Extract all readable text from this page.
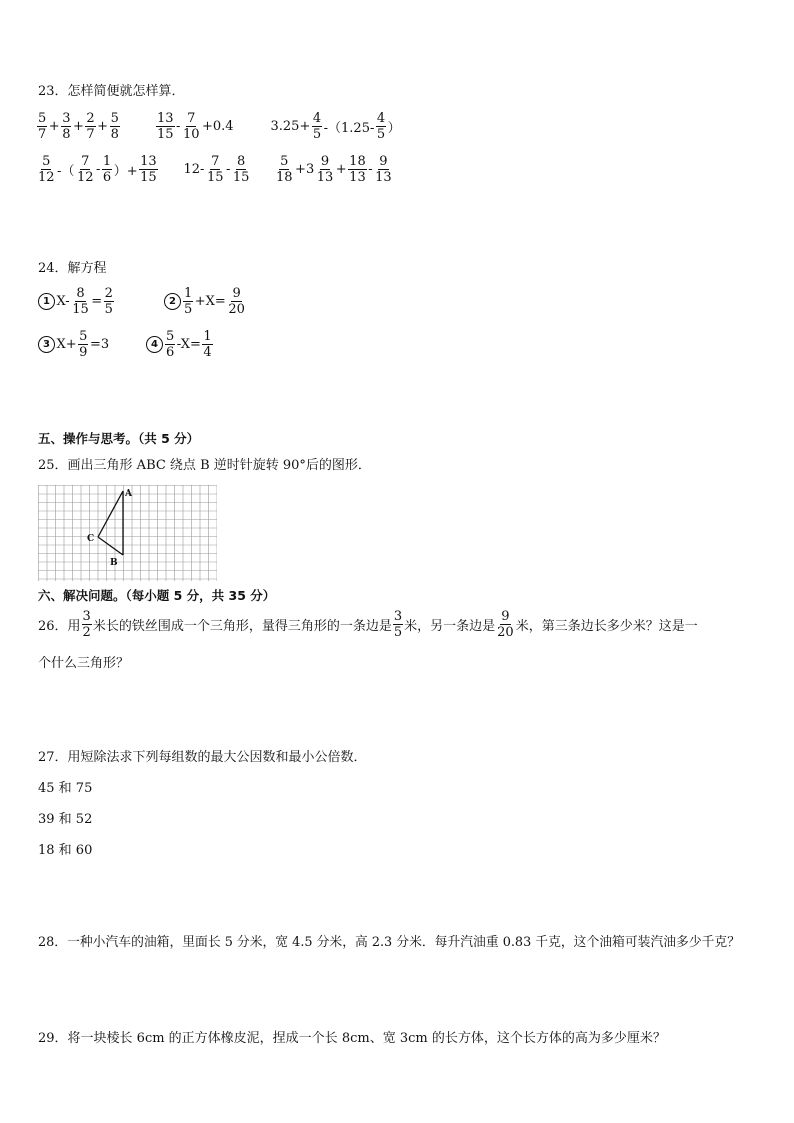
23．怎样简便就怎样算．
5
7
+ $\frac{3}{8} + \frac{2}{7} + \frac{5}{8}$	13
15
-
7
10
+0.4	$3.25+ \frac{4}{5} -(1.25-$
4
5 ）
5
12 -（
7
12
-
1
6 ）+ $\frac{13}{15} 12-$
7
15
-
8
15
5
18
+3
9
13
+ $\frac{18}{13}$ -
9
13
24．解方程
1 $X- \frac{8}{15} = \frac{2}{5}$	2
1
5
$+X= \frac{9}{20}$
3 $X+ \frac{5}{9} =3$	4
5
6
$-X= \frac{1}{4}$
五、操作与思考。（共 5 分）
25．画出三角形 ABC 绕点 B 逆时针旋转 90°后的图形．
A
C
B
六、解决问题。（每小题 5 分，共 35 分）
26．用
3
2 米长的铁丝围成一个三角形，量得三角形的一条边是
3
5 米，另一条边是
9
20 米，第三条边长多少米？这是一
个什么三角形？
27．用短除法求下列每组数的最大公因数和最小公倍数．
45 和 75
39 和 52
18 和 60
28．一种小汽车的油箱，里面长 5 分米，宽 4.5 分米，高 2.3 分米．每升汽油重 0.83 千克，这个油箱可装汽油多少千克？
29．将一块棱长 6cm 的正方体橡皮泥，捏成一个长 8cm、宽 3cm 的长方体，这个长方体的高为多少厘米？
